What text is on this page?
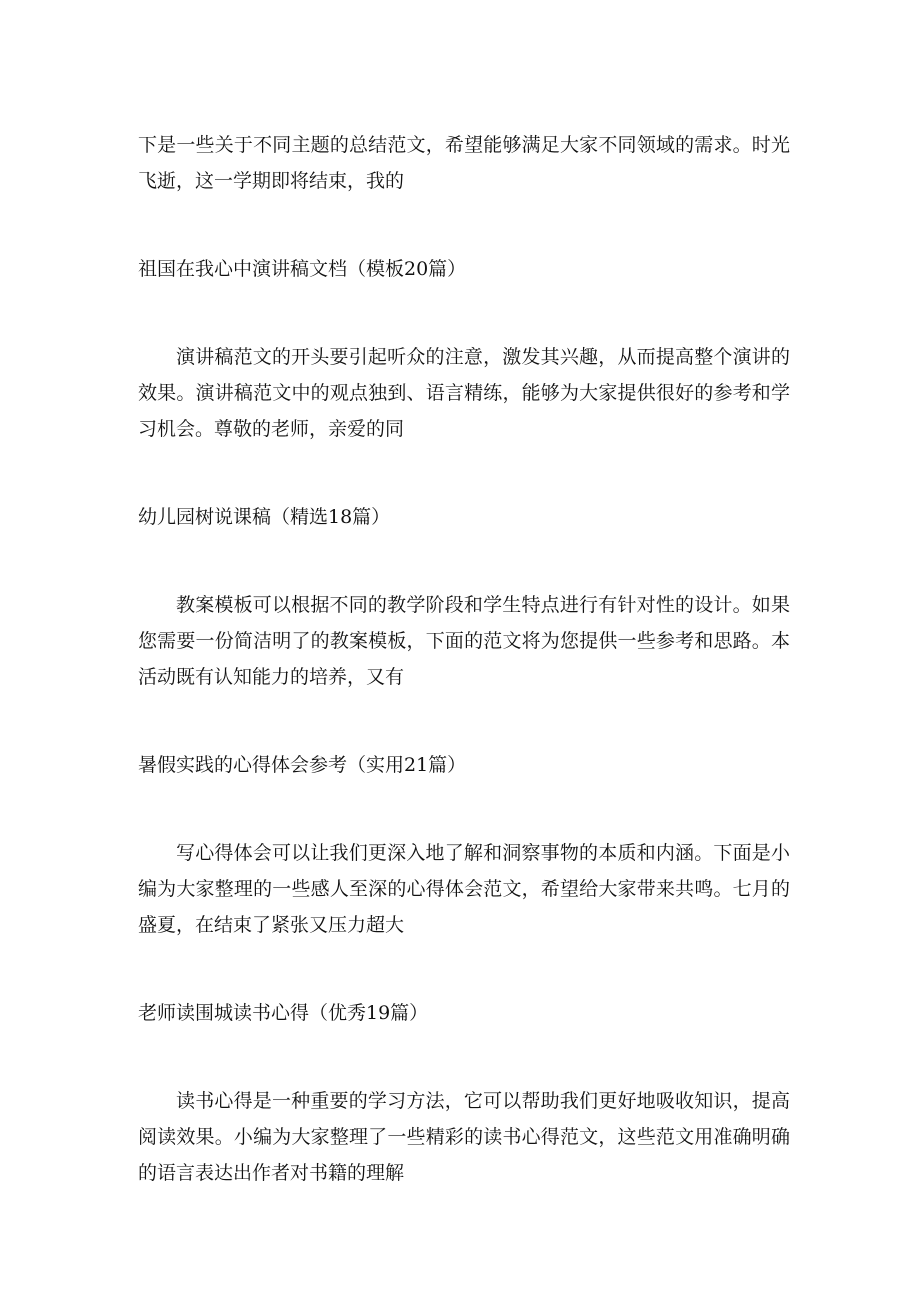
下是一些关于不同主题的总结范文，希望能够满足大家不同领域的需求。时光飞逝，这一学期即将结束，我的

祖国在我心中演讲稿文档（模板20篇）

演讲稿范文的开头要引起听众的注意，激发其兴趣，从而提高整个演讲的效果。演讲稿范文中的观点独到、语言精练，能够为大家提供很好的参考和学习机会。尊敬的老师，亲爱的同

幼儿园树说课稿（精选18篇）

教案模板可以根据不同的教学阶段和学生特点进行有针对性的设计。如果您需要一份简洁明了的教案模板，下面的范文将为您提供一些参考和思路。本活动既有认知能力的培养，又有

暑假实践的心得体会参考（实用21篇）

写心得体会可以让我们更深入地了解和洞察事物的本质和内涵。下面是小编为大家整理的一些感人至深的心得体会范文，希望给大家带来共鸣。七月的盛夏，在结束了紧张又压力超大

老师读围城读书心得（优秀19篇）

读书心得是一种重要的学习方法，它可以帮助我们更好地吸收知识，提高阅读效果。小编为大家整理了一些精彩的读书心得范文，这些范文用准确明确的语言表达出作者对书籍的理解
